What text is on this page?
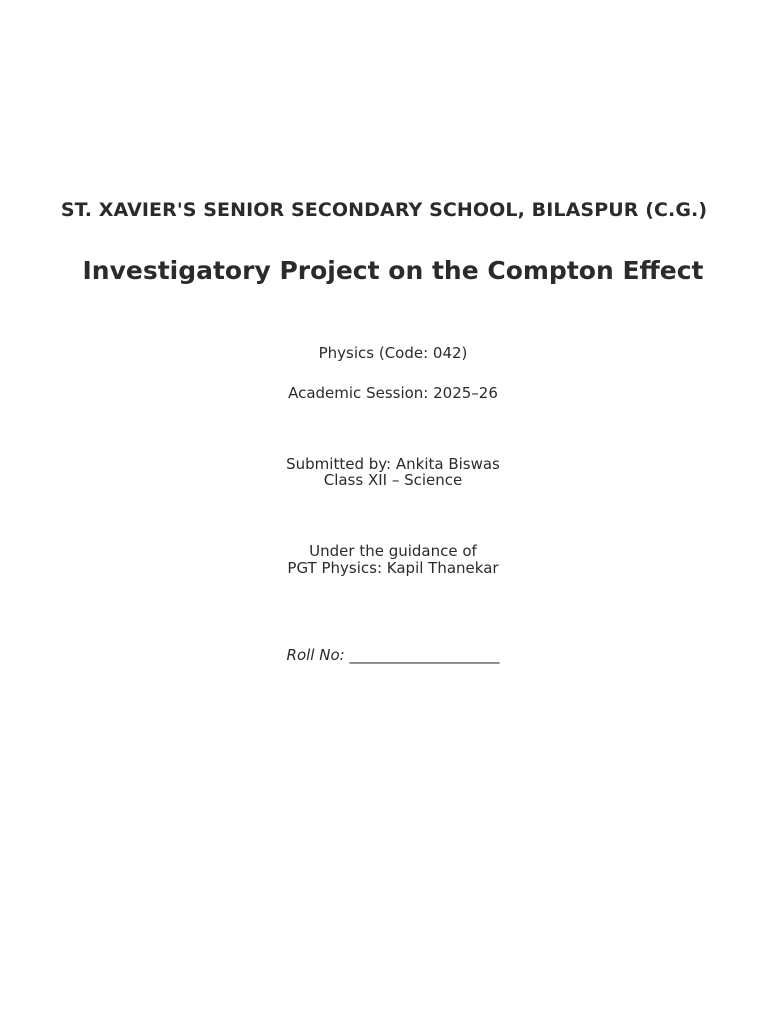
ST. XAVIER'S SENIOR SECONDARY SCHOOL, BILASPUR (C.G.)
Investigatory Project on the Compton Effect
Physics (Code: 042)
Academic Session: 2025–26
Submitted by: Ankita Biswas
Class XII – Science
Under the guidance of
PGT Physics: Kapil Thanekar
Roll No: ____________________
